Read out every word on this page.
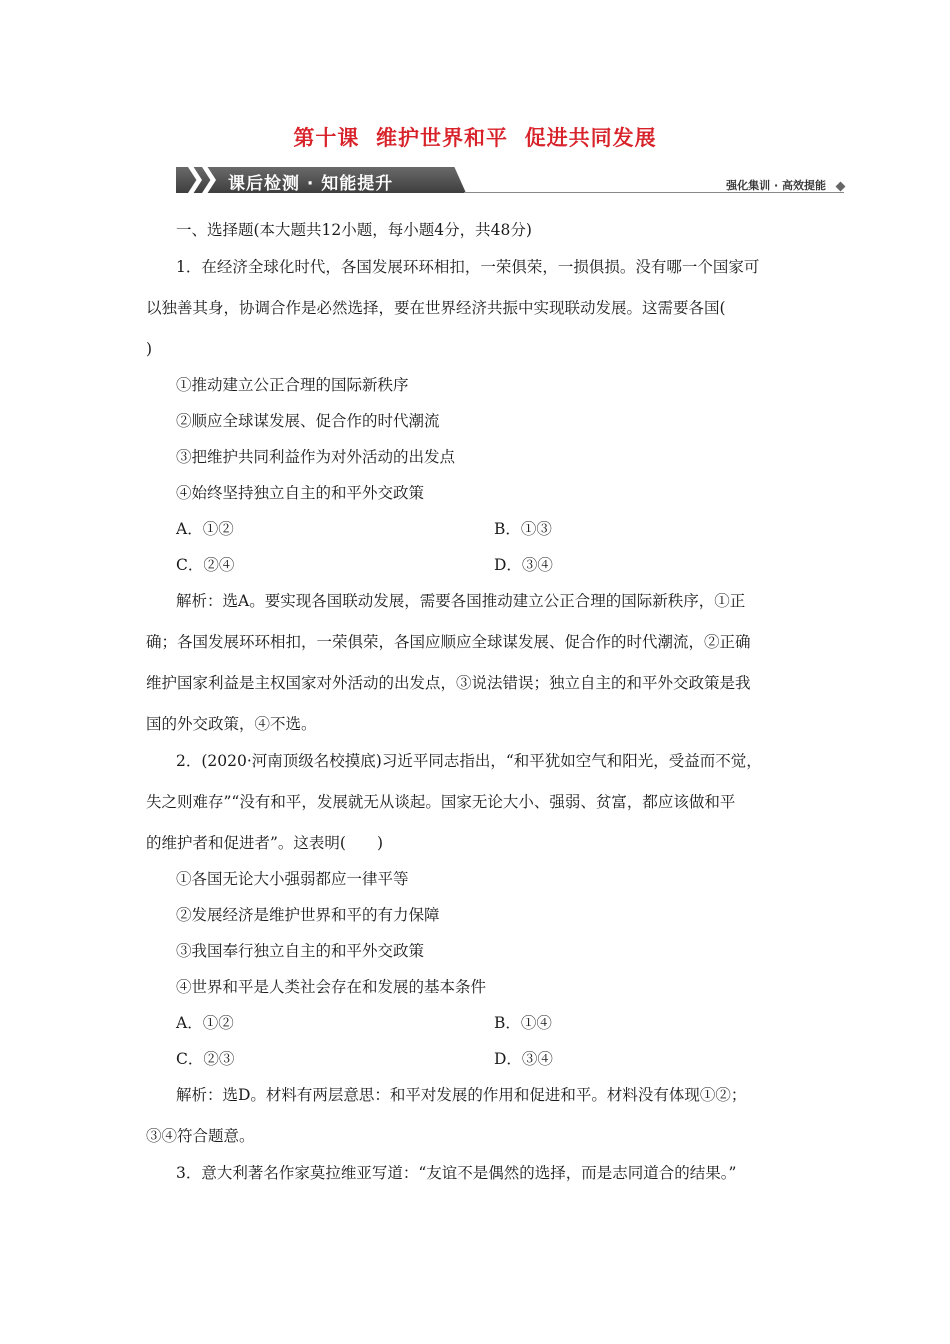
第十课  维护世界和平  促进共同发展
课后检测 · 知能提升	强化集训 · 高效提能
一、选择题(本大题共12小题，每小题4分，共48分)
1．在经济全球化时代，各国发展环环相扣，一荣俱荣，一损俱损。没有哪一个国家可
以独善其身，协调合作是必然选择，要在世界经济共振中实现联动发展。这需要各国(
)
①推动建立公正合理的国际新秩序
②顺应全球谋发展、促合作的时代潮流
③把维护共同利益作为对外活动的出发点
④始终坚持独立自主的和平外交政策
A．①②	B．①③
C．②④	D．③④
解析：选A。要实现各国联动发展，需要各国推动建立公正合理的国际新秩序，①正
确；各国发展环环相扣，一荣俱荣，各国应顺应全球谋发展、促合作的时代潮流，②正确
维护国家利益是主权国家对外活动的出发点，③说法错误；独立自主的和平外交政策是我
国的外交政策，④不选。
2．(2020·河南顶级名校摸底)习近平同志指出，“和平犹如空气和阳光，受益而不觉，
失之则难存”“没有和平，发展就无从谈起。国家无论大小、强弱、贫富，都应该做和平
的维护者和促进者”。这表明(　　)
①各国无论大小强弱都应一律平等
②发展经济是维护世界和平的有力保障
③我国奉行独立自主的和平外交政策
④世界和平是人类社会存在和发展的基本条件
A．①②	B．①④
C．②③	D．③④
解析：选D。材料有两层意思：和平对发展的作用和促进和平。材料没有体现①②；
③④符合题意。
3．意大利著名作家莫拉维亚写道：“友谊不是偶然的选择，而是志同道合的结果。”
